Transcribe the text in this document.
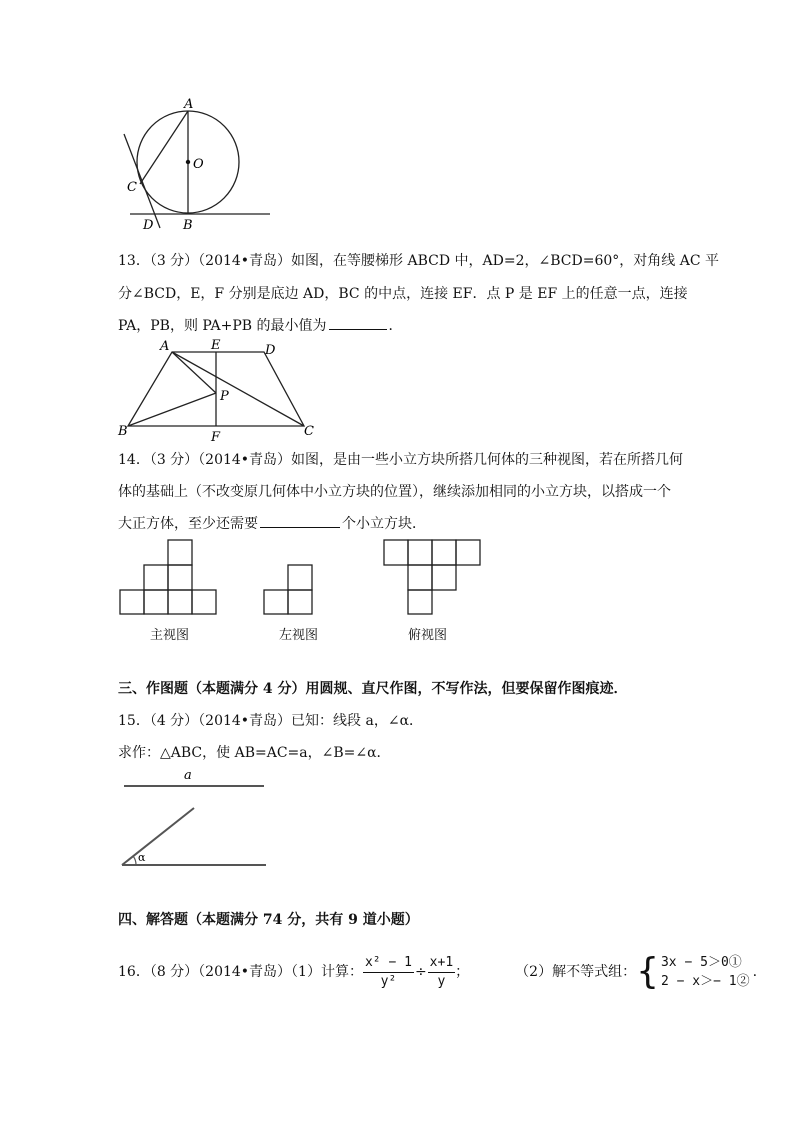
A
O
C
D B
13．（3 分）（2014•青岛）如图，在等腰梯形 ABCD 中，AD=2，∠BCD=60°，对角线 AC 平
分∠BCD，E，F 分别是底边 AD，BC 的中点，连接 EF．点 P 是 EF 上的任意一点，连接
PA，PB，则 PA+PB 的最小值为	．
A	E	D
P
B	F	C
14．（3 分）（2014•青岛）如图，是由一些小立方块所搭几何体的三种视图，若在所搭几何
体的基础上（不改变原几何体中小立方块的位置），继续添加相同的小立方块，以搭成一个
大正方体，至少还需要	个小立方块．
主视图	左视图	俯视图
三、作图题（本题满分 4 分）用圆规、直尺作图，不写作法，但要保留作图痕迹．
15．（4 分）（2014•青岛）已知：线段 a，∠α．
求作：△ABC，使 AB=AC=a，∠B=∠α．
a
α
四、解答题（本题满分 74 分，共有 9 道小题）
16．（8 分）（2014•青岛）（1）计算： $\frac{\text{x² − 1}}{\text{y²}} \div \frac{x+1}{y}$ ；	（2）解不等式组： { 3x − 5＞0①
2 − x＞− 1②
.
